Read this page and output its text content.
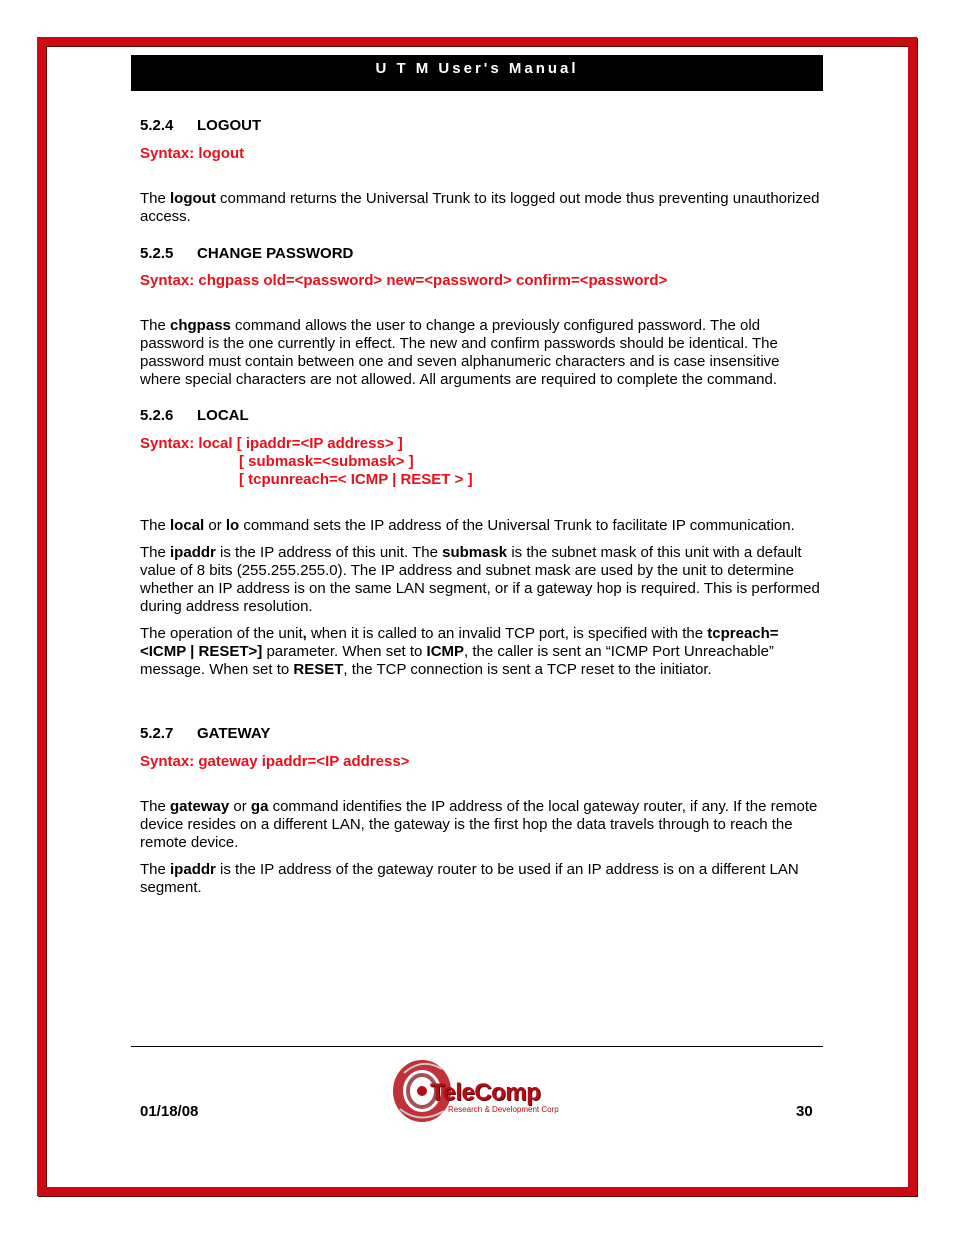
U T M User's Manual
5.2.4 LOGOUT

Syntax: logout

The logout command returns the Universal Trunk to its logged out mode thus preventing unauthorized access.

5.2.5 CHANGE PASSWORD

Syntax: chgpass old=<password> new=<password> confirm=<password>

The chgpass command allows the user to change a previously configured password. The old password is the one currently in effect. The new and confirm passwords should be identical. The password must contain between one and seven alphanumeric characters and is case insensitive where special characters are not allowed. All arguments are required to complete the command.

5.2.6 LOCAL

Syntax: local [ ipaddr=<IP address> ]

[ submask=<submask> ]

[ tcpunreach=< ICMP | RESET > ]

The local or lo command sets the IP address of the Universal Trunk to facilitate IP communication.

The ipaddr is the IP address of this unit. The submask is the subnet mask of this unit with a default value of 8 bits (255.255.255.0). The IP address and subnet mask are used by the unit to determine whether an IP address is on the same LAN segment, or if a gateway hop is required. This is performed during address resolution.

The operation of the unit, when it is called to an invalid TCP port, is specified with the tcpreach=<ICMP | RESET>] parameter. When set to ICMP, the caller is sent an “ICMP Port Unreachable” message. When set to RESET, the TCP connection is sent a TCP reset to the initiator.

5.2.7 GATEWAY

Syntax: gateway ipaddr=<IP address>

The gateway or ga command identifies the IP address of the local gateway router, if any. If the remote device resides on a different LAN, the gateway is the first hop the data travels through to reach the remote device.

The ipaddr is the IP address of the gateway router to be used if an IP address is on a different LAN segment.

01/18/08	30
TeleComp
Research & Development Corp
